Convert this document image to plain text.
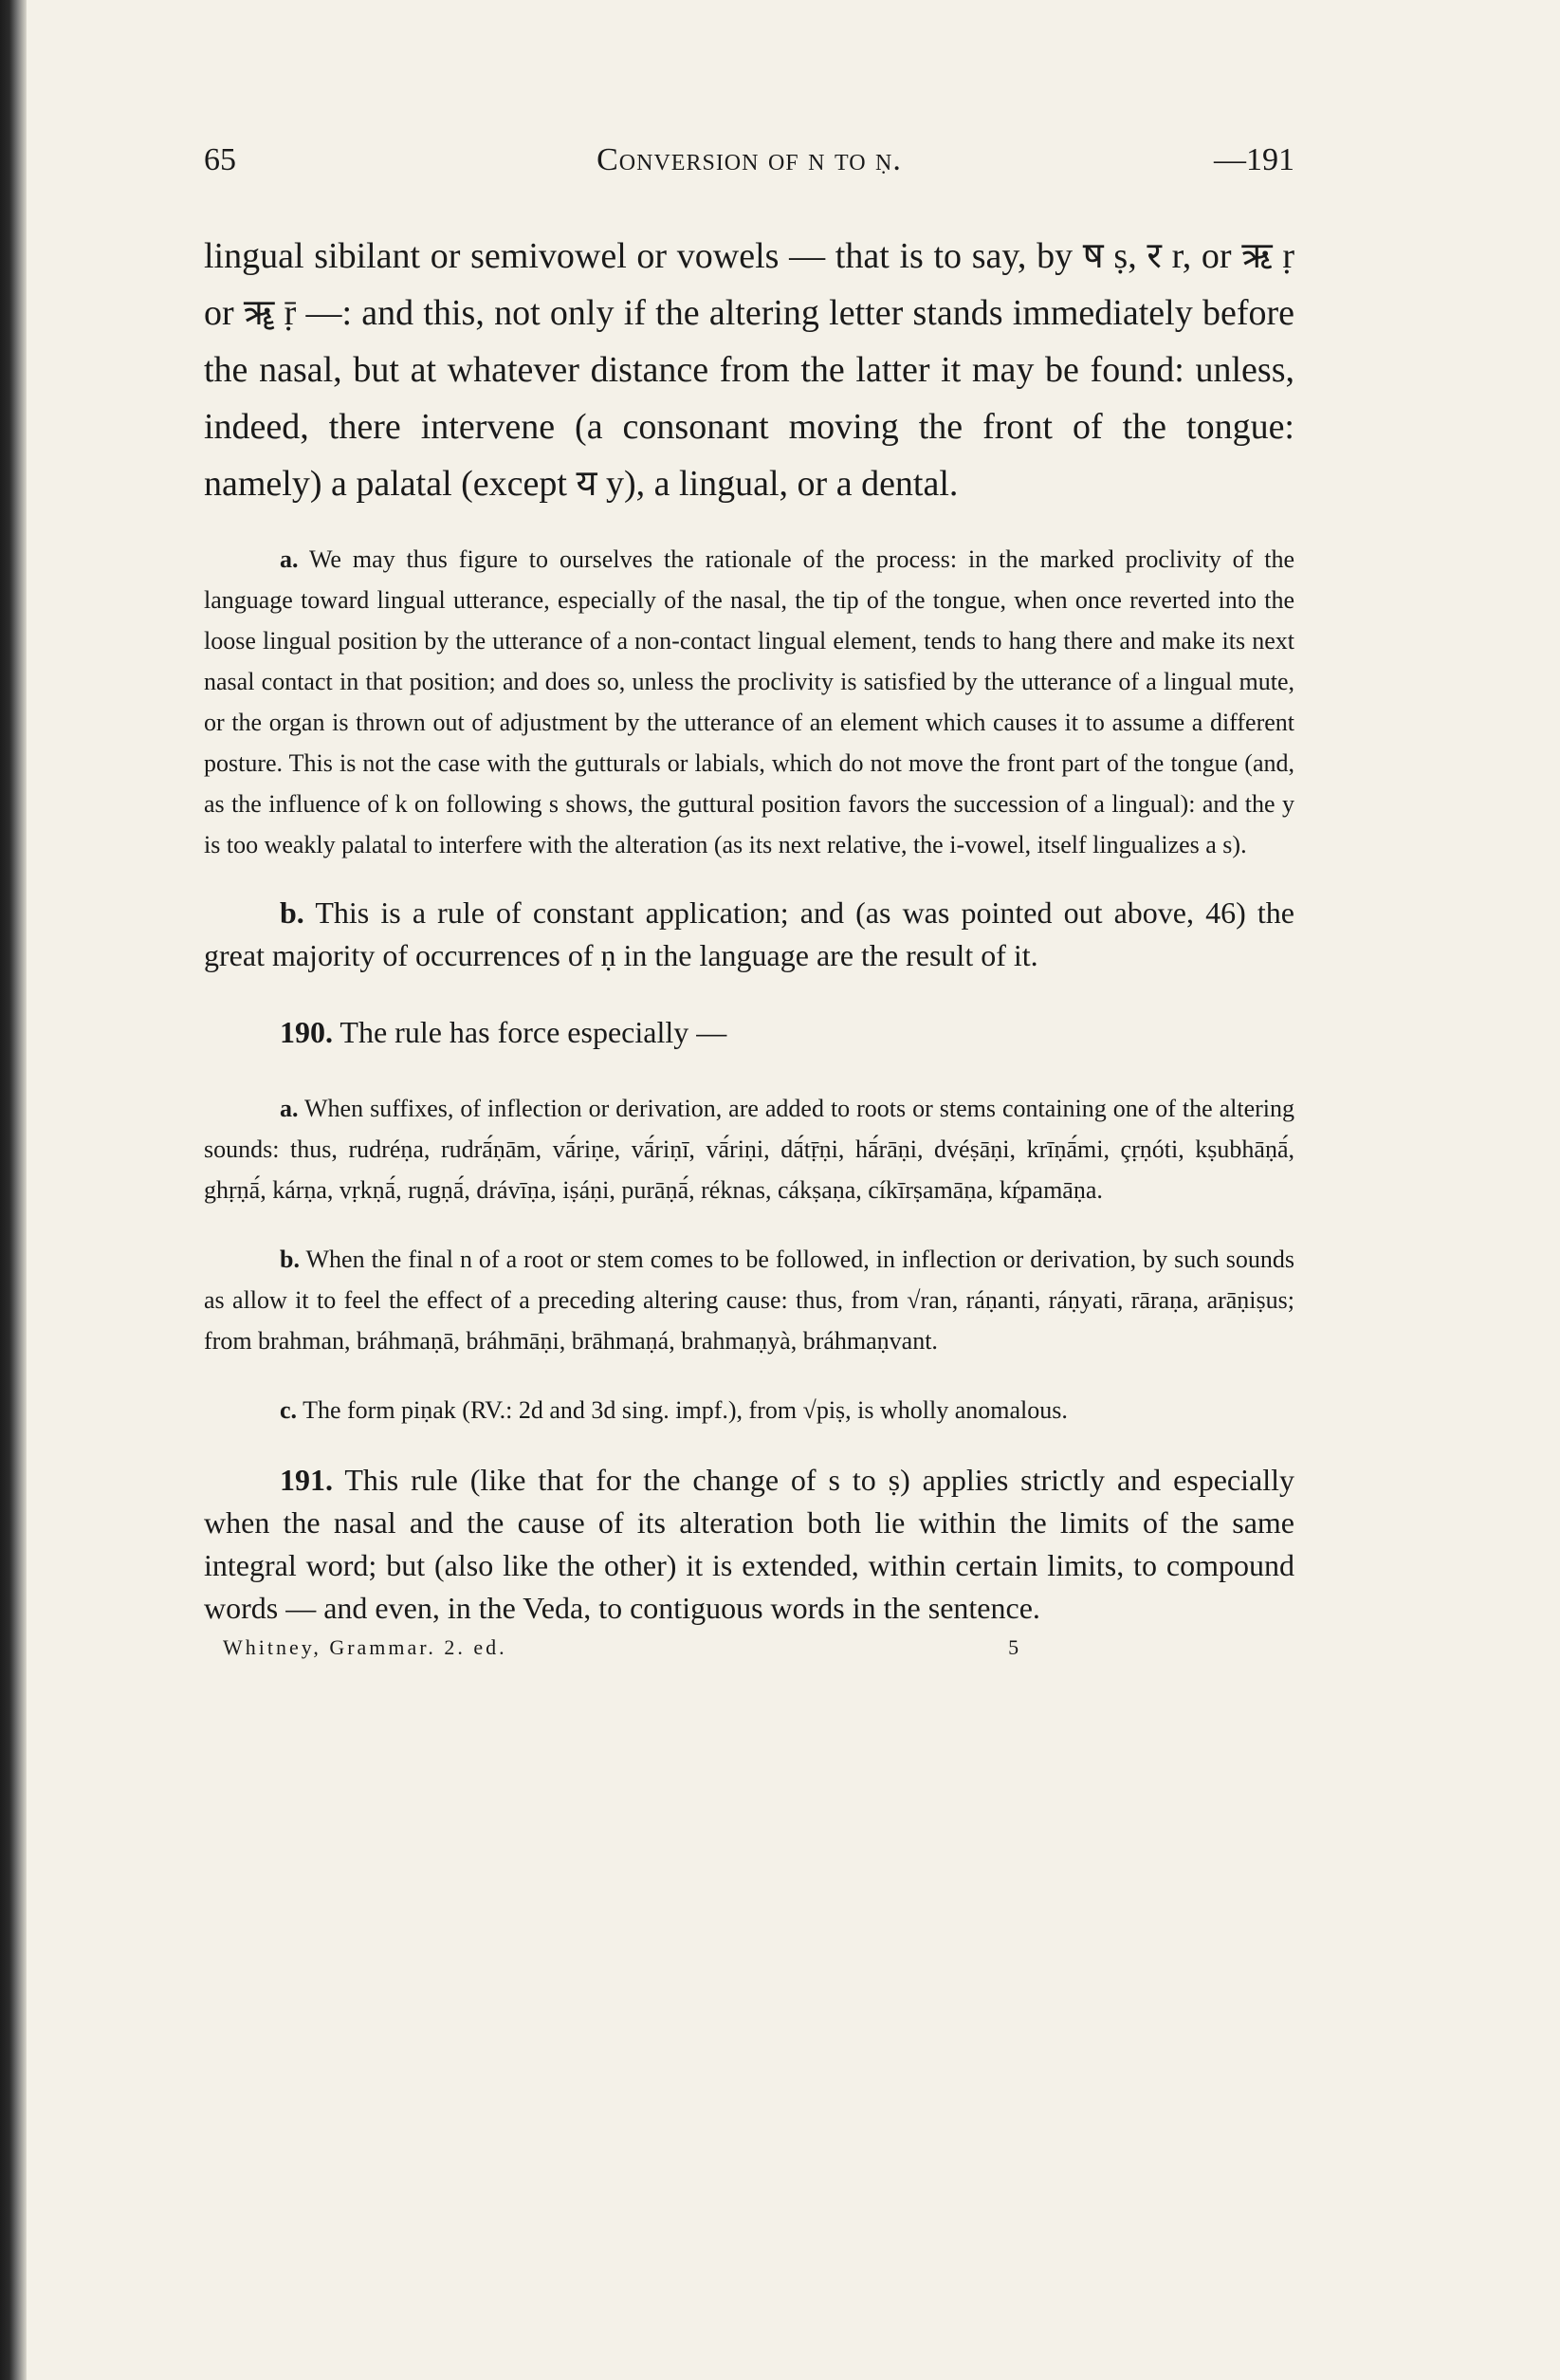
65	Conversion of n to ṇ.	—191

lingual sibilant or semivowel or vowels — that is to say, by ष ṣ, र r, or ऋ ṛ or ॠ ṝ —: and this, not only if the altering letter stands immediately before the nasal, but at whatever distance from the latter it may be found: unless, indeed, there intervene (a consonant moving the front of the tongue: namely) a palatal (except य y), a lingual, or a dental.

a. We may thus figure to ourselves the rationale of the process: in the marked proclivity of the language toward lingual utterance, especially of the nasal, the tip of the tongue, when once reverted into the loose lingual position by the utterance of a non-contact lingual element, tends to hang there and make its next nasal contact in that position; and does so, unless the proclivity is satisfied by the utterance of a lingual mute, or the organ is thrown out of adjustment by the utterance of an element which causes it to assume a different posture. This is not the case with the gutturals or labials, which do not move the front part of the tongue (and, as the influence of k on following s shows, the guttural position favors the succession of a lingual): and the y is too weakly palatal to interfere with the alteration (as its next relative, the i-vowel, itself lingualizes a s).

b. This is a rule of constant application; and (as was pointed out above, 46) the great majority of occurrences of ṇ in the language are the result of it.

190. The rule has force especially —

a. When suffixes, of inflection or derivation, are added to roots or stems containing one of the altering sounds: thus, rudréṇa, rudrā́ṇām, vā́riṇe, vā́riṇī, vā́riṇi, dā́tṝṇi, hā́rāṇi, dvéṣāṇi, krīṇā́mi, çṛṇóti, kṣubhāṇā́, ghṛṇā́, kárṇa, vṛkṇā́, rugṇā́, drávīṇa, iṣáṇi, purāṇā́, réknas, cákṣaṇa, cíkīrṣamāṇa, kŕ̥pamāṇa.

b. When the final n of a root or stem comes to be followed, in inflection or derivation, by such sounds as allow it to feel the effect of a preceding altering cause: thus, from √ran, ráṇanti, ráṇyati, rāraṇa, arāṇiṣus; from brahman, bráhmaṇā, bráhmāṇi, brāhmaṇá, brahmaṇyà, bráhmaṇvant.

c. The form piṇak (RV.: 2d and 3d sing. impf.), from √piṣ, is wholly anomalous.

191. This rule (like that for the change of s to ṣ) applies strictly and especially when the nasal and the cause of its alteration both lie within the limits of the same integral word; but (also like the other) it is extended, within certain limits, to compound words — and even, in the Veda, to contiguous words in the sentence.

Whitney, Grammar. 2. ed.	5
